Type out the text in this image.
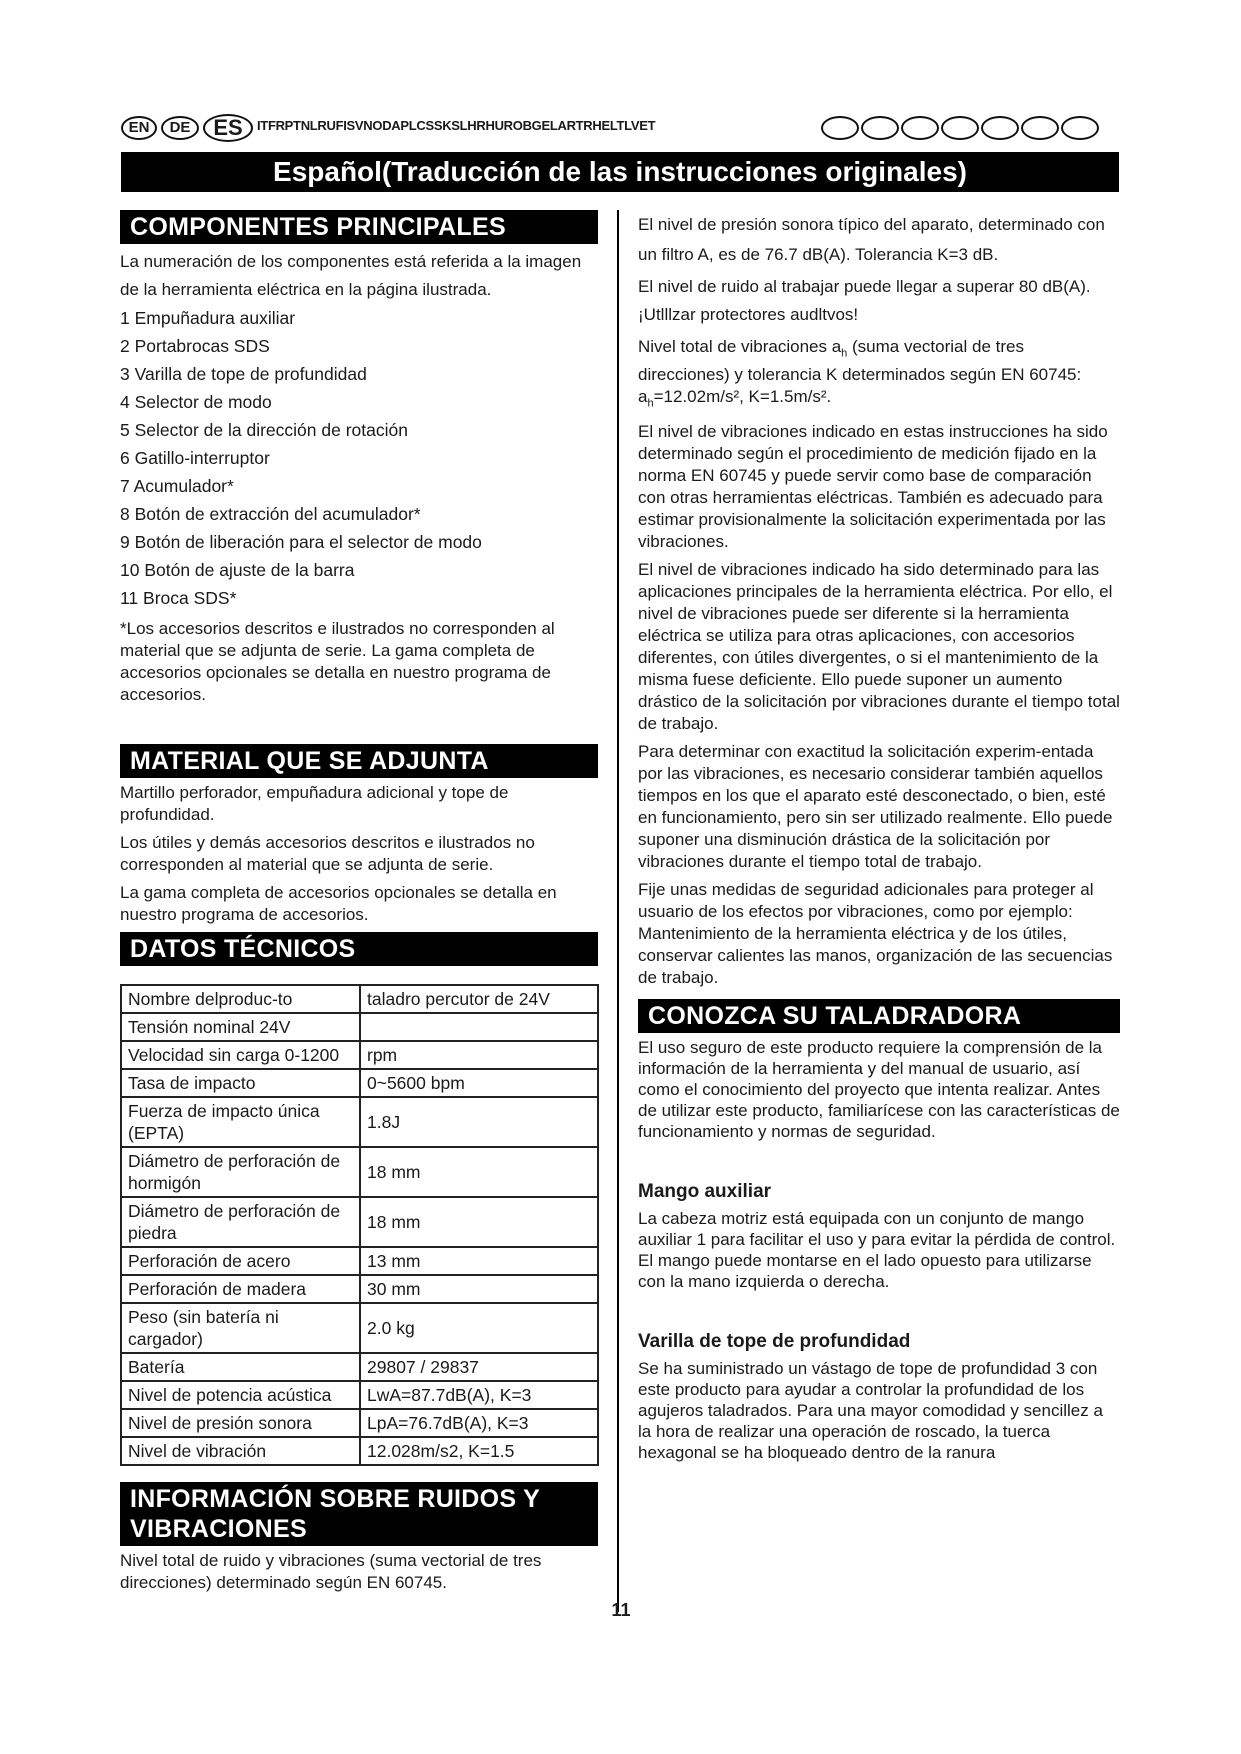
EN	DE	ES	ITFRPTNLRUFISVNODAPLCSSKSLHRHUROBGELARTRHELTLVET
Español(Traducción de las instrucciones originales)
COMPONENTES PRINCIPALES

La numeración de los componentes está referida a la imagen de la herramienta eléctrica en la página ilustrada.

1 Empuñadura auxiliar
2 Portabrocas SDS
3 Varilla de tope de profundidad
4 Selector de modo
5 Selector de la dirección de rotación
6 Gatillo-interruptor
7 Acumulador*
8 Botón de extracción del acumulador*
9 Botón de liberación para el selector de modo
10 Botón de ajuste de la barra
11 Broca SDS*

*Los accesorios descritos e ilustrados no corresponden al material que se adjunta de serie. La gama completa de accesorios opcionales se detalla en nuestro programa de accesorios.

MATERIAL QUE SE ADJUNTA

Martillo perforador, empuñadura adicional y tope de profundidad.

Los útiles y demás accesorios descritos e ilustrados no corresponden al material que se adjunta de serie.

La gama completa de accesorios opcionales se detalla en nuestro programa de accesorios.

DATOS TÉCNICOS
Nombre delproduc-to	taladro percutor de 24V
Tensión nominal 24V	
Velocidad sin carga 0-1200	rpm
Tasa de impacto	0~5600 bpm
Fuerza de impacto única (EPTA)	1.8J
Diámetro de perforación de hormigón	18 mm
Diámetro de perforación de piedra	18 mm
Perforación de acero	13 mm
Perforación de madera	30 mm
Peso (sin batería ni cargador)	2.0 kg
Batería	29807 / 29837
Nivel de potencia acústica	LwA=87.7dB(A), K=3
Nivel de presión sonora	LpA=76.7dB(A), K=3
Nivel de vibración	12.028m/s2, K=1.5
INFORMACIÓN SOBRE RUIDOS Y VIBRACIONES

Nivel total de ruido y vibraciones (suma vectorial de tres direcciones) determinado según EN 60745.

El nivel de presión sonora típico del aparato, determinado con un filtro A, es de 76.7 dB(A). Tolerancia K=3 dB.

El nivel de ruido al trabajar puede llegar a superar 80 dB(A).

¡Utlllzar protectores audltvos!

Nivel total de vibraciones $a_h$ (suma vectorial de tres direcciones) y tolerancia K determinados según EN 60745: $a_h=12.02m/s^2$, K=1.5m/s².

El nivel de vibraciones indicado en estas instrucciones ha sido determinado según el procedimiento de medición fijado en la norma EN 60745 y puede servir como base de comparación con otras herramientas eléctricas. También es adecuado para estimar provisionalmente la solicitación experimentada por las vibraciones.

El nivel de vibraciones indicado ha sido determinado para las aplicaciones principales de la herramienta eléctrica. Por ello, el nivel de vibraciones puede ser diferente si la herramienta eléctrica se utiliza para otras aplicaciones, con accesorios diferentes, con útiles divergentes, o si el mantenimiento de la misma fuese deficiente. Ello puede suponer un aumento drástico de la solicitación por vibraciones durante el tiempo total de trabajo.

Para determinar con exactitud la solicitación experim-entada por las vibraciones, es necesario considerar también aquellos tiempos en los que el aparato esté desconectado, o bien, esté en funcionamiento, pero sin ser utilizado realmente. Ello puede suponer una disminución drástica de la solicitación por vibraciones durante el tiempo total de trabajo.

Fije unas medidas de seguridad adicionales para proteger al usuario de los efectos por vibraciones, como por ejemplo: Mantenimiento de la herramienta eléctrica y de los útiles, conservar calientes las manos, organización de las secuencias de trabajo.

CONOZCA SU TALADRADORA

El uso seguro de este producto requiere la comprensión de la información de la herramienta y del manual de usuario, así como el conocimiento del proyecto que intenta realizar. Antes de utilizar este producto, familiarícese con las características de funcionamiento y normas de seguridad.

Mango auxiliar

La cabeza motriz está equipada con un conjunto de mango auxiliar 1 para facilitar el uso y para evitar la pérdida de control. El mango puede montarse en el lado opuesto para utilizarse con la mano izquierda o derecha.

Varilla de tope de profundidad

Se ha suministrado un vástago de tope de profundidad 3 con este producto para ayudar a controlar la profundidad de los agujeros taladrados. Para una mayor comodidad y sencillez a la hora de realizar una operación de roscado, la tuerca hexagonal se ha bloqueado dentro de la ranura

11
